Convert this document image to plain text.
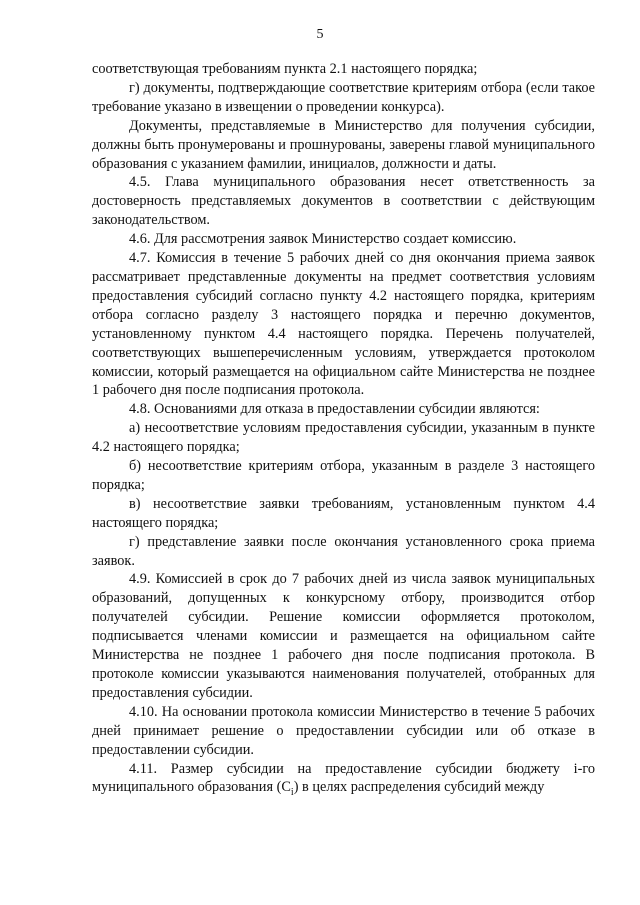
5

соответствующая требованиям пункта 2.1 настоящего порядка;

г) документы, подтверждающие соответствие критериям отбора (если такое требование указано в извещении о проведении конкурса).

Документы, представляемые в Министерство для получения субсидии, должны быть пронумерованы и прошнурованы, заверены главой муниципального образования с указанием фамилии, инициалов, должности и даты.

4.5. Глава муниципального образования несет ответственность за достоверность представляемых документов в соответствии с действующим законодательством.

4.6. Для рассмотрения заявок Министерство создает комиссию.

4.7. Комиссия в течение 5 рабочих дней со дня окончания приема заявок рассматривает представленные документы на предмет соответствия условиям предоставления субсидий согласно пункту 4.2 настоящего порядка, критериям отбора согласно разделу 3 настоящего порядка и перечню документов, установленному пунктом 4.4 настоящего порядка. Перечень получателей, соответствующих вышеперечисленным условиям, утверждается протоколом комиссии, который размещается на официальном сайте Министерства не позднее 1 рабочего дня после подписания протокола.

4.8. Основаниями для отказа в предоставлении субсидии являются:

а) несоответствие условиям предоставления субсидии, указанным в пункте 4.2 настоящего порядка;

б) несоответствие критериям отбора, указанным в разделе 3 настоящего порядка;

в) несоответствие заявки требованиям, установленным пунктом 4.4 настоящего порядка;

г) представление заявки после окончания установленного срока приема заявок.

4.9. Комиссией в срок до 7 рабочих дней из числа заявок муниципальных образований, допущенных к конкурсному отбору, производится отбор получателей субсидии. Решение комиссии оформляется протоколом, подписывается членами комиссии и размещается на официальном сайте Министерства не позднее 1 рабочего дня после подписания протокола. В протоколе комиссии указываются наименования получателей, отобранных для предоставления субсидии.

4.10. На основании протокола комиссии Министерство в течение 5 рабочих дней принимает решение о предоставлении субсидии или об отказе в предоставлении субсидии.

4.11. Размер субсидии на предоставление субсидии бюджету i-го муниципального образования $(С_i)$ в целях распределения субсидий между
